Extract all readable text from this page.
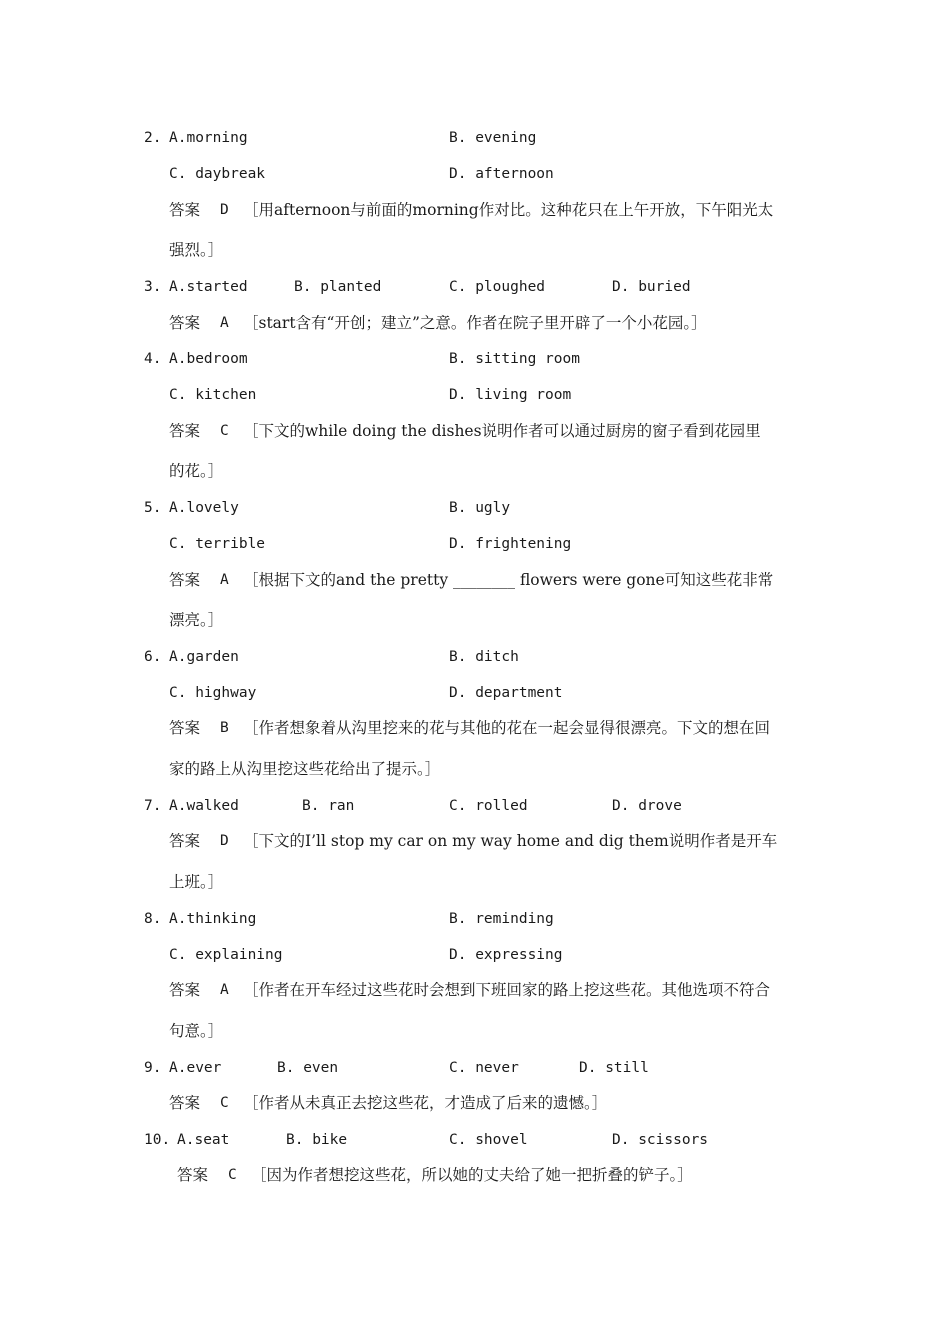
2. A.morning	B. evening
C. daybreak	D. afternoon
答案 D ［用afternoon与前面的morning作对比。这种花只在上午开放，下午阳光太
强烈。］
3. A.started	B. planted	C. ploughed	D. buried
答案 A ［start含有“开创；建立”之意。作者在院子里开辟了一个小花园。］
4. A.bedroom	B. sitting room
C. kitchen	D. living room
答案 C ［下文的while doing the dishes说明作者可以通过厨房的窗子看到花园里
的花。］
5. A.lovely	B. ugly
C. terrible	D. frightening
答案 A ［根据下文的and the pretty ________ flowers were gone可知这些花非常
漂亮。］
6. A.garden	B. ditch
C. highway	D. department
答案 B ［作者想象着从沟里挖来的花与其他的花在一起会显得很漂亮。下文的想在回
家的路上从沟里挖这些花给出了提示。］
7. A.walked	B. ran	C. rolled	D. drove
答案 D ［下文的I’ll stop my car on my way home and dig them说明作者是开车
上班。］
8. A.thinking	B. reminding
C. explaining	D. expressing
答案 A ［作者在开车经过这些花时会想到下班回家的路上挖这些花。其他选项不符合
句意。］
9. A.ever	B. even	C. never	D. still
答案 C ［作者从未真正去挖这些花，才造成了后来的遗憾。］
10. A.seat	B. bike	C. shovel	D. scissors
答案 C ［因为作者想挖这些花，所以她的丈夫给了她一把折叠的铲子。］
